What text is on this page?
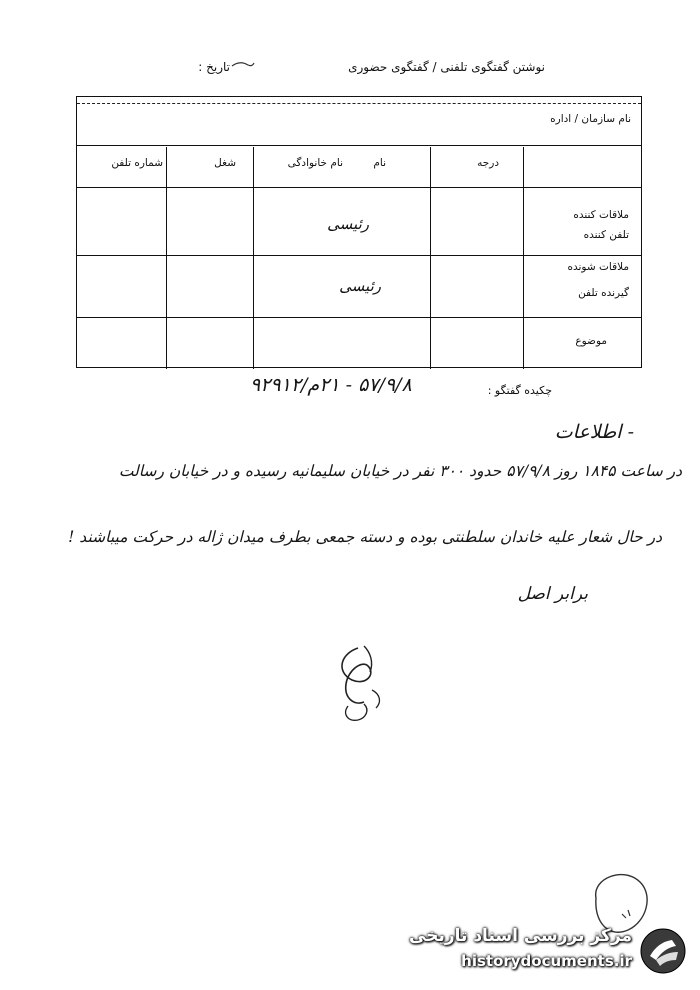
نوشتن گفتگوی تلفنی / گفتگوی حضوری
تاریخ :
نام سازمان / اداره
درجه
نام
نام خانوادگی
شغل
شماره تلفن
ملاقات کننده
تلفن کننده
رئیسی
ملاقات شونده
گیرنده تلفن
رئیسی
موضوع
چکیده گفتگو :
۵۷/۹/۸ - ۲۱م/۹۲۹۱۲
- اطلاعات
در ساعت ۱۸۴۵ روز ۵۷/۹/۸ حدود ۳۰۰ نفر در خیابان سلیمانیه رسیده و در خیابان رسالت
در حال شعار علیه خاندان سلطنتی بوده و دسته جمعی بطرف میدان ژاله در حرکت میباشند !
برابر اصل
مرکز بررسی اسناد تاریخی
historydocuments.ir
